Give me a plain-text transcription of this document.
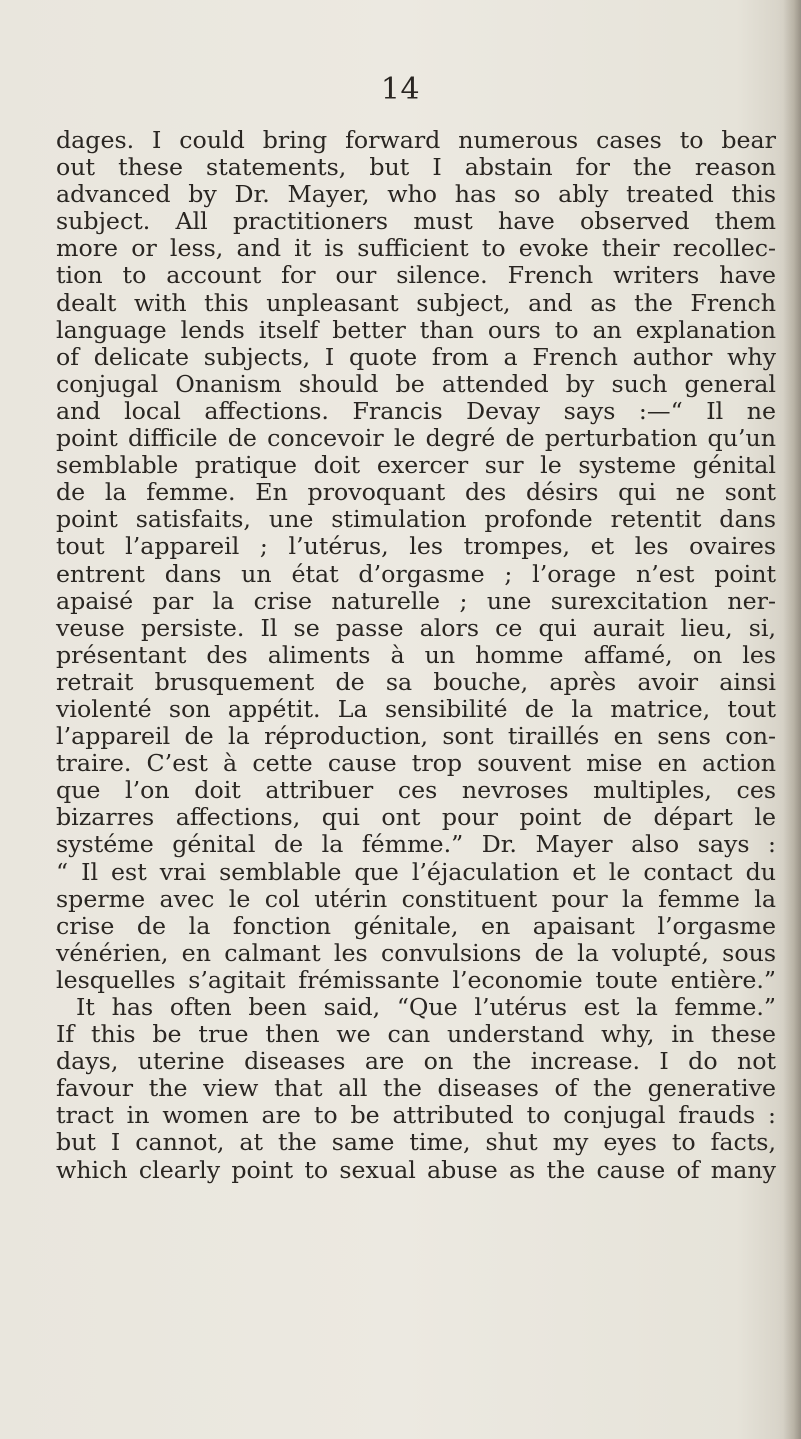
14
dages. I could bring forward numerous cases to bear
out these statements, but I abstain for the reason
advanced by Dr. Mayer, who has so ably treated this
subject. All practitioners must have observed them
more or less, and it is sufficient to evoke their recollec-
tion to account for our silence. French writers have
dealt with this unpleasant subject, and as the French
language lends itself better than ours to an explanation
of delicate subjects, I quote from a French author why
conjugal Onanism should be attended by such general
and local affections. Francis Devay says :—“ Il ne
point difficile de concevoir le degré de perturbation qu’un
semblable pratique doit exercer sur le systeme génital
de la femme. En provoquant des désirs qui ne sont
point satisfaits, une stimulation profonde retentit dans
tout l’appareil ; l’utérus, les trompes, et les ovaires
entrent dans un état d’orgasme ; l’orage n’est point
apaisé par la crise naturelle ; une surexcitation ner-
veuse persiste. Il se passe alors ce qui aurait lieu, si,
présentant des aliments à un homme affamé, on les
retrait brusquement de sa bouche, après avoir ainsi
violenté son appétit. La sensibilité de la matrice, tout
l’appareil de la réproduction, sont tiraillés en sens con-
traire. C’est à cette cause trop souvent mise en action
que l’on doit attribuer ces nevroses multiples, ces
bizarres affections, qui ont pour point de départ le
systéme génital de la fémme.” Dr. Mayer also says :
“ Il est vrai semblable que l’éjaculation et le contact du
sperme avec le col utérin constituent pour la femme la
crise de la fonction génitale, en apaisant l’orgasme
vénérien, en calmant les convulsions de la volupté, sous
lesquelles s’agitait frémissante l’economie toute entière.”
It has often been said, “Que l’utérus est la femme.”
If this be true then we can understand why, in these
days, uterine diseases are on the increase. I do not
favour the view that all the diseases of the generative
tract in women are to be attributed to conjugal frauds :
but I cannot, at the same time, shut my eyes to facts,
which clearly point to sexual abuse as the cause of many
